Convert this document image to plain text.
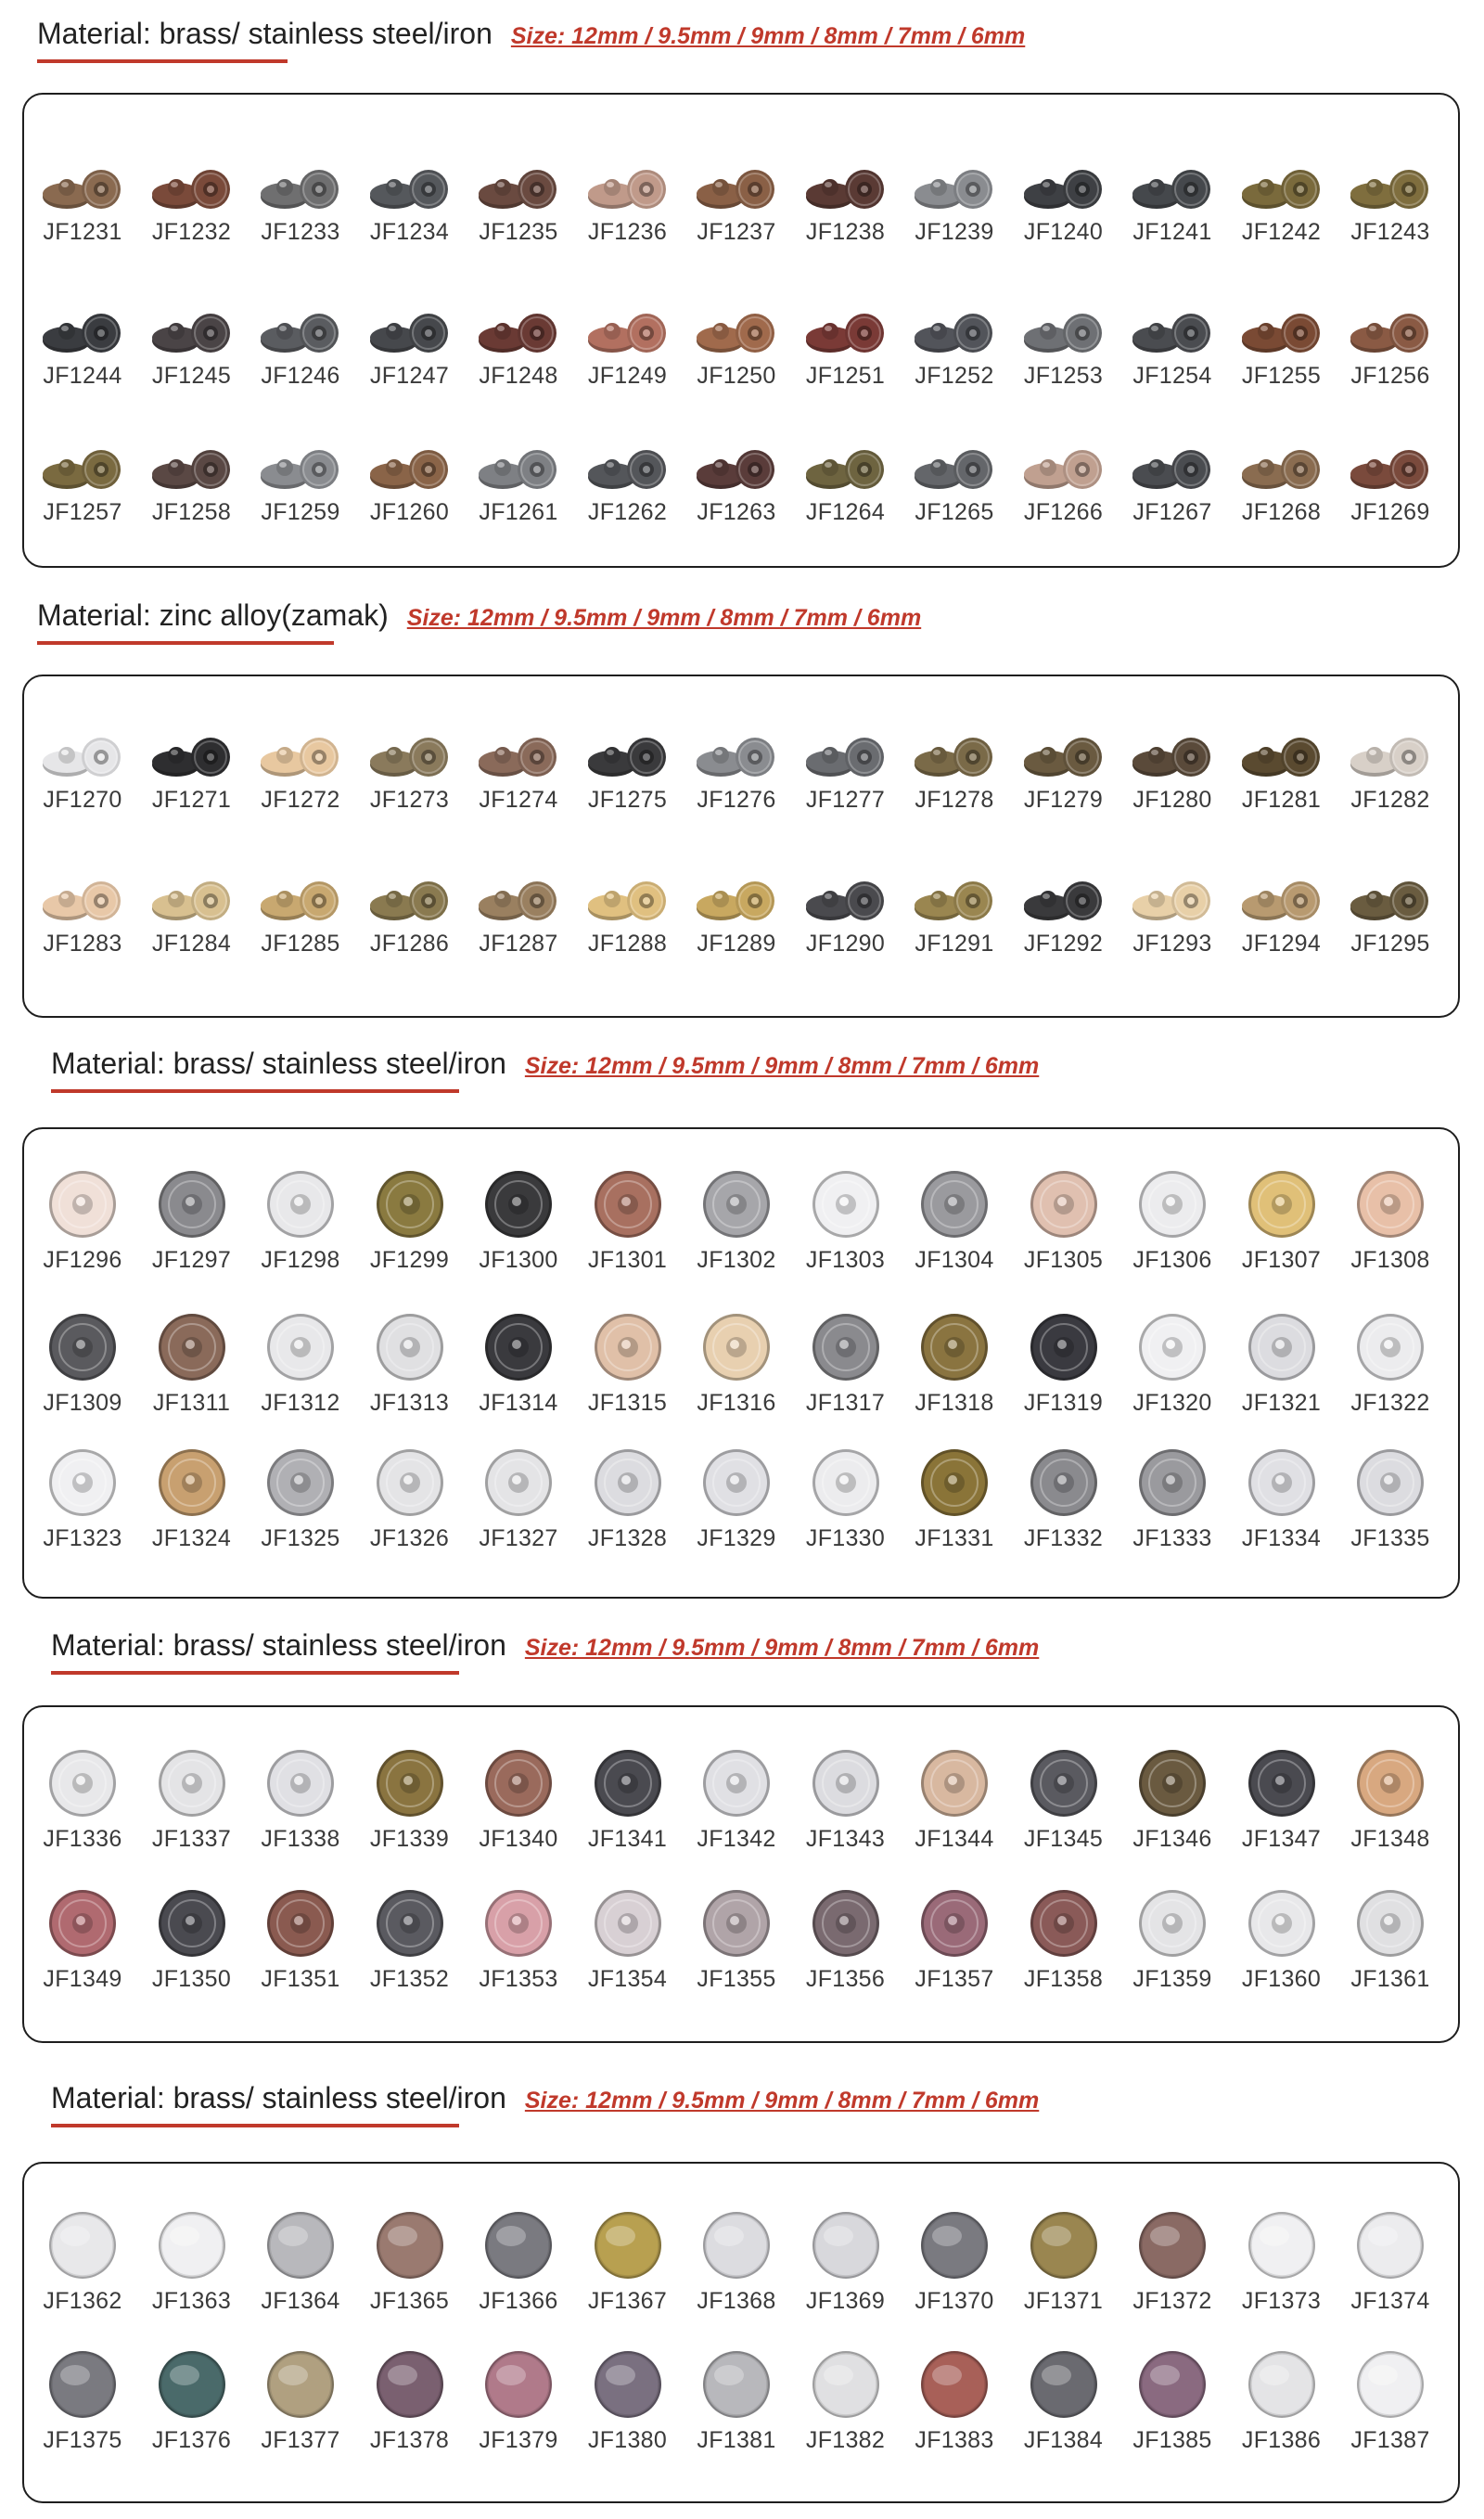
Material: brass/ stainless steel/iron Size: 12mm / 9.5mm / 9mm / 8mm / 7mm / 6mm
JF1231	JF1232	JF1233	JF1234	JF1235	JF1236	JF1237	JF1238	JF1239	JF1240	JF1241	JF1242	JF1243
JF1244	JF1245	JF1246	JF1247	JF1248	JF1249	JF1250	JF1251	JF1252	JF1253	JF1254	JF1255	JF1256
JF1257	JF1258	JF1259	JF1260	JF1261	JF1262	JF1263	JF1264	JF1265	JF1266	JF1267	JF1268	JF1269
Material: zinc alloy(zamak) Size: 12mm / 9.5mm / 9mm / 8mm / 7mm / 6mm
JF1270	JF1271	JF1272	JF1273	JF1274	JF1275	JF1276	JF1277	JF1278	JF1279	JF1280	JF1281	JF1282
JF1283	JF1284	JF1285	JF1286	JF1287	JF1288	JF1289	JF1290	JF1291	JF1292	JF1293	JF1294	JF1295
Material: brass/ stainless steel/iron Size: 12mm / 9.5mm / 9mm / 8mm / 7mm / 6mm
JF1296	JF1297	JF1298	JF1299	JF1300	JF1301	JF1302	JF1303	JF1304	JF1305	JF1306	JF1307	JF1308
JF1309	JF1311	JF1312	JF1313	JF1314	JF1315	JF1316	JF1317	JF1318	JF1319	JF1320	JF1321	JF1322
JF1323	JF1324	JF1325	JF1326	JF1327	JF1328	JF1329	JF1330	JF1331	JF1332	JF1333	JF1334	JF1335
Material: brass/ stainless steel/iron Size: 12mm / 9.5mm / 9mm / 8mm / 7mm / 6mm
JF1336	JF1337	JF1338	JF1339	JF1340	JF1341	JF1342	JF1343	JF1344	JF1345	JF1346	JF1347	JF1348
JF1349	JF1350	JF1351	JF1352	JF1353	JF1354	JF1355	JF1356	JF1357	JF1358	JF1359	JF1360	JF1361
Material: brass/ stainless steel/iron Size: 12mm / 9.5mm / 9mm / 8mm / 7mm / 6mm
JF1362	JF1363	JF1364	JF1365	JF1366	JF1367	JF1368	JF1369	JF1370	JF1371	JF1372	JF1373	JF1374
JF1375	JF1376	JF1377	JF1378	JF1379	JF1380	JF1381	JF1382	JF1383	JF1384	JF1385	JF1386	JF1387
